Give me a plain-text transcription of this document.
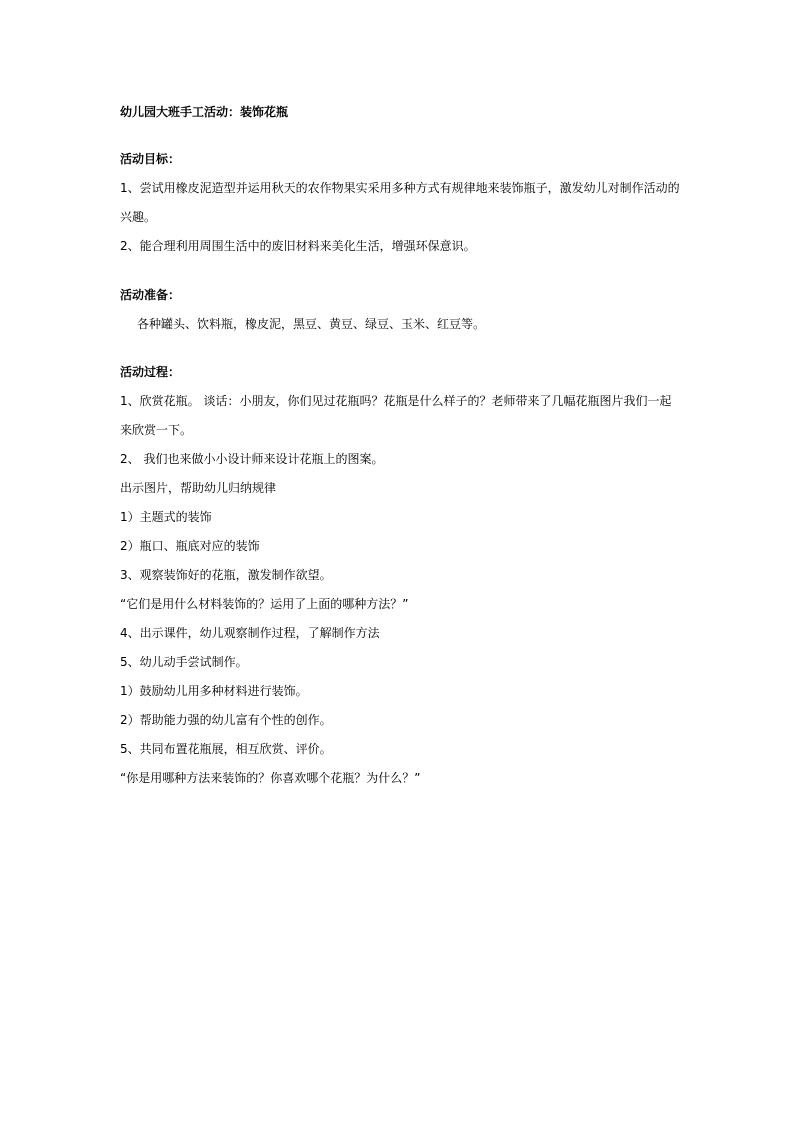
幼儿园大班手工活动：装饰花瓶
活动目标：
1、尝试用橡皮泥造型并运用秋天的农作物果实采用多种方式有规律地来装饰瓶子，激发幼儿对制作活动的
兴趣。
2、能合理利用周围生活中的废旧材料来美化生活，增强环保意识。
活动准备：
各种罐头、饮料瓶，橡皮泥，黑豆、黄豆、绿豆、玉米、红豆等。
活动过程：
1、欣赏花瓶。 谈话：小朋友，你们见过花瓶吗？花瓶是什么样子的？老师带来了几幅花瓶图片我们一起
来欣赏一下。
2、 我们也来做小小设计师来设计花瓶上的图案。
出示图片，帮助幼儿归纳规律
1）主题式的装饰
2）瓶口、瓶底对应的装饰
3、观察装饰好的花瓶，激发制作欲望。
“它们是用什么材料装饰的？运用了上面的哪种方法？”
4、出示课件，幼儿观察制作过程，了解制作方法
5、幼儿动手尝试制作。
1）鼓励幼儿用多种材料进行装饰。
2）帮助能力强的幼儿富有个性的创作。
5、共同布置花瓶展，相互欣赏、评价。
“你是用哪种方法来装饰的？你喜欢哪个花瓶？为什么？”
